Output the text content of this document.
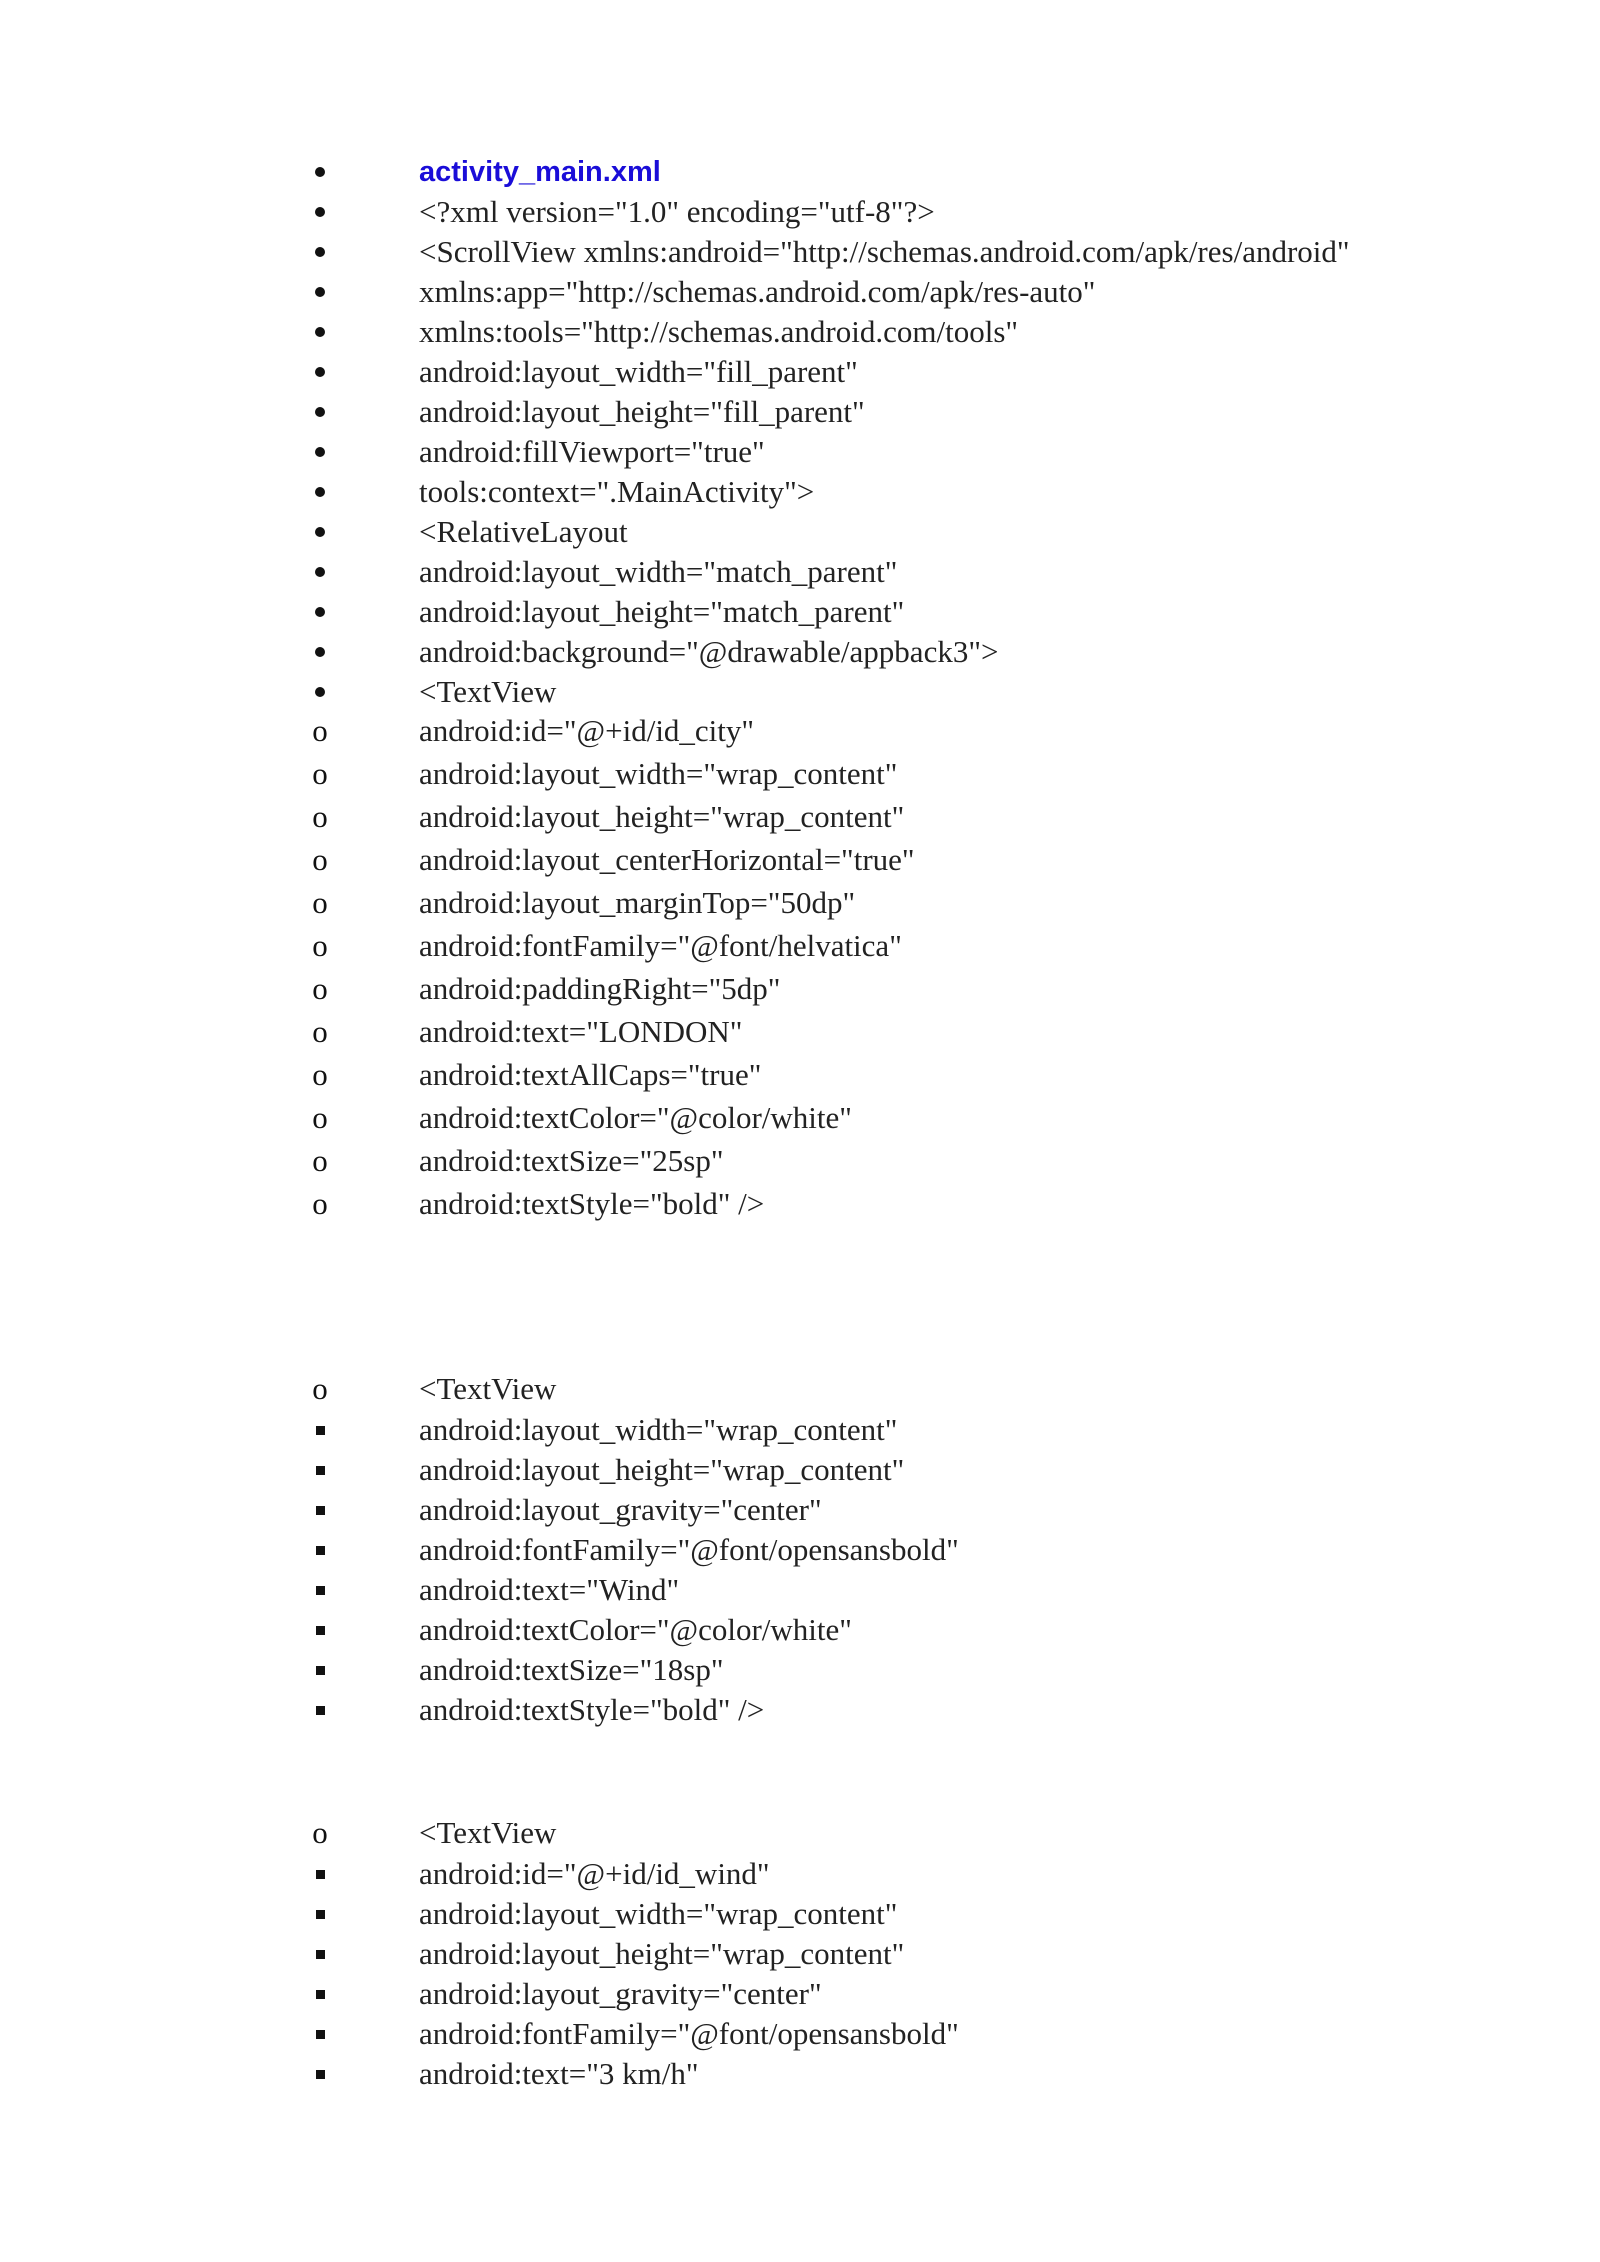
activity_main.xml
<?xml version="1.0" encoding="utf-8"?>
<ScrollView xmlns:android="http://schemas.android.com/apk/res/android"
xmlns:app="http://schemas.android.com/apk/res-auto"
xmlns:tools="http://schemas.android.com/tools"
android:layout_width="fill_parent"
android:layout_height="fill_parent"
android:fillViewport="true"
tools:context=".MainActivity">
<RelativeLayout
android:layout_width="match_parent"
android:layout_height="match_parent"
android:background="@drawable/appback3">
<TextView
o	android:id="@+id/id_city"
o	android:layout_width="wrap_content"
o	android:layout_height="wrap_content"
o	android:layout_centerHorizontal="true"
o	android:layout_marginTop="50dp"
o	android:fontFamily="@font/helvatica"
o	android:paddingRight="5dp"
o	android:text="LONDON"
o	android:textAllCaps="true"
o	android:textColor="@color/white"
o	android:textSize="25sp"
o	android:textStyle="bold" />
o	<TextView
android:layout_width="wrap_content"
android:layout_height="wrap_content"
android:layout_gravity="center"
android:fontFamily="@font/opensansbold"
android:text="Wind"
android:textColor="@color/white"
android:textSize="18sp"
android:textStyle="bold" />
o	<TextView
android:id="@+id/id_wind"
android:layout_width="wrap_content"
android:layout_height="wrap_content"
android:layout_gravity="center"
android:fontFamily="@font/opensansbold"
android:text="3 km/h"
